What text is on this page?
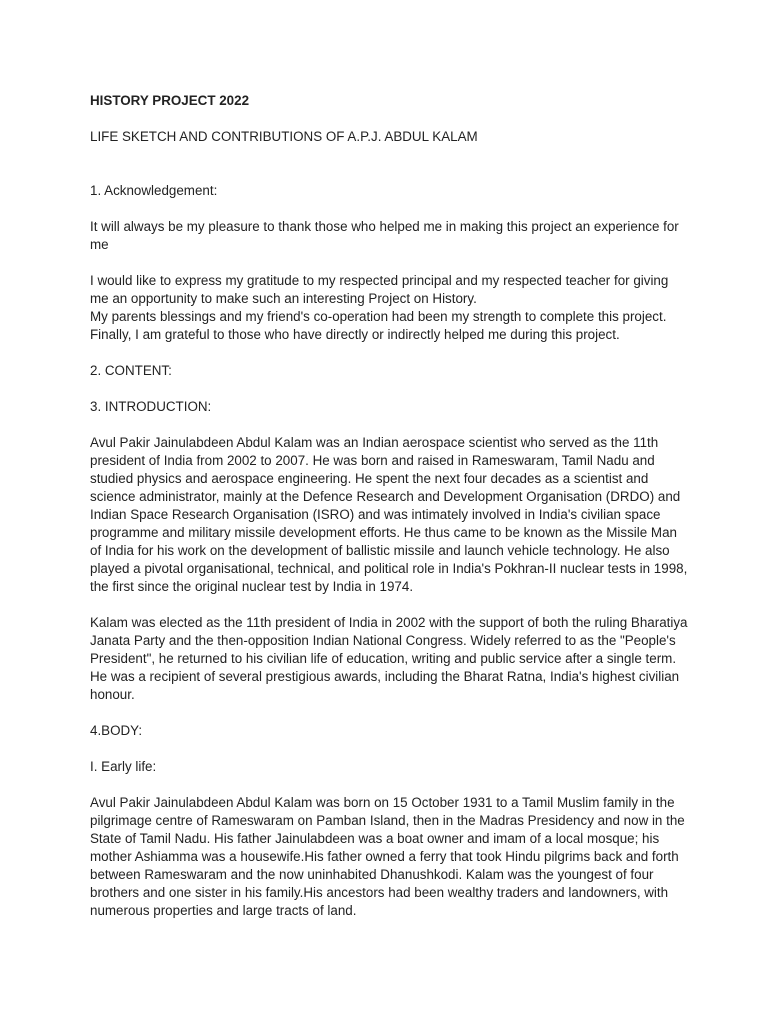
HISTORY PROJECT 2022

LIFE SKETCH AND CONTRIBUTIONS OF A.P.J. ABDUL KALAM

1. Acknowledgement:

It will always be my pleasure to thank those who helped me in making this project an experience for me

I would like to express my gratitude to my respected principal and my respected teacher for giving me an opportunity to make such an interesting Project on History.

My parents blessings and my friend's co-operation had been my strength to complete this project. Finally, I am grateful to those who have directly or indirectly helped me during this project.

2. CONTENT:

3. INTRODUCTION:

Avul Pakir Jainulabdeen Abdul Kalam was an Indian aerospace scientist who served as the 11th president of India from 2002 to 2007. He was born and raised in Rameswaram, Tamil Nadu and studied physics and aerospace engineering. He spent the next four decades as a scientist and science administrator, mainly at the Defence Research and Development Organisation (DRDO) and Indian Space Research Organisation (ISRO) and was intimately involved in India's civilian space programme and military missile development efforts. He thus came to be known as the Missile Man of India for his work on the development of ballistic missile and launch vehicle technology. He also played a pivotal organisational, technical, and political role in India's Pokhran-II nuclear tests in 1998, the first since the original nuclear test by India in 1974.

Kalam was elected as the 11th president of India in 2002 with the support of both the ruling Bharatiya Janata Party and the then-opposition Indian National Congress. Widely referred to as the "People's President", he returned to his civilian life of education, writing and public service after a single term. He was a recipient of several prestigious awards, including the Bharat Ratna, India's highest civilian honour.

4.BODY:

I. Early life:

Avul Pakir Jainulabdeen Abdul Kalam was born on 15 October 1931 to a Tamil Muslim family in the pilgrimage centre of Rameswaram on Pamban Island, then in the Madras Presidency and now in the State of Tamil Nadu. His father Jainulabdeen was a boat owner and imam of a local mosque; his mother Ashiamma was a housewife.His father owned a ferry that took Hindu pilgrims back and forth between Rameswaram and the now uninhabited Dhanushkodi. Kalam was the youngest of four brothers and one sister in his family.His ancestors had been wealthy traders and landowners, with numerous properties and large tracts of land.
